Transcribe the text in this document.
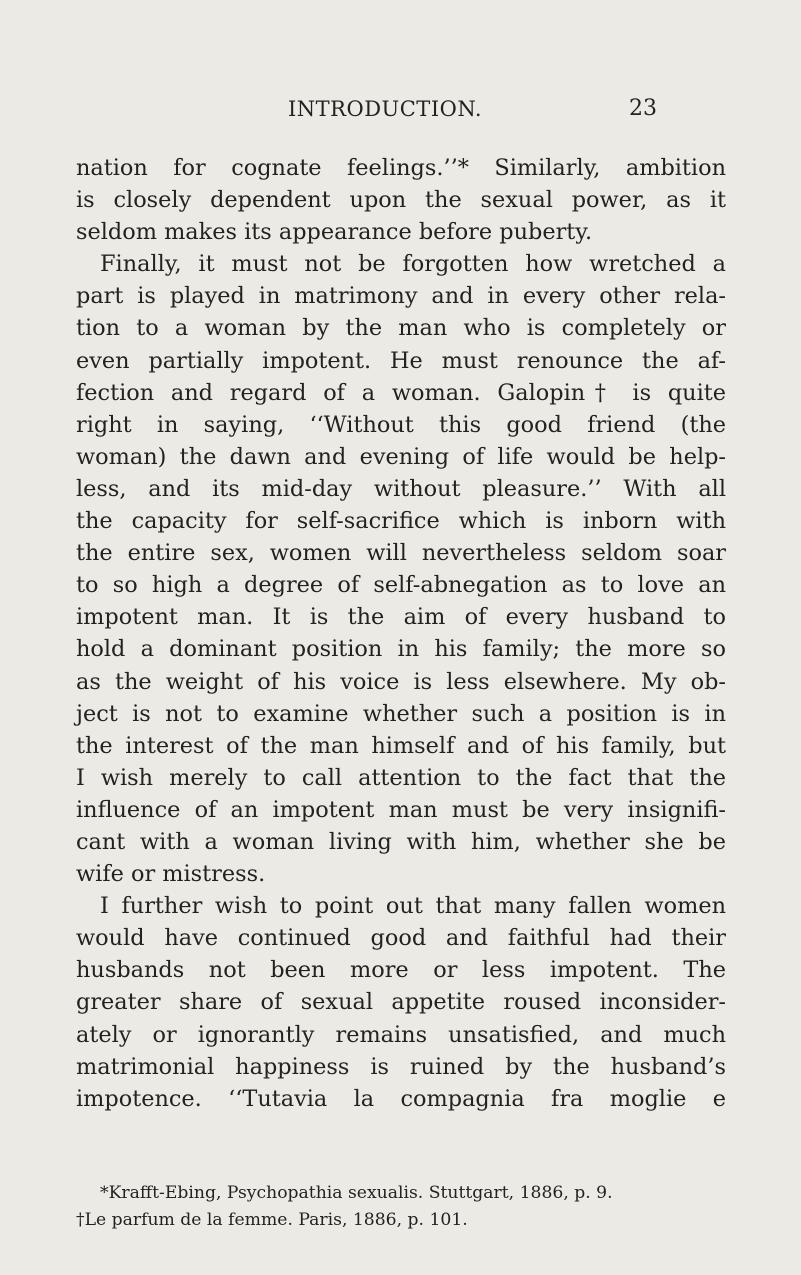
INTRODUCTION.	23
nation for cognate feelings.’’* Similarly, ambition
is closely dependent upon the sexual power, as it
seldom makes its appearance before puberty.
Finally, it must not be forgotten how wretched a
part is played in matrimony and in every other rela-
tion to a woman by the man who is completely or
even partially impotent. He must renounce the af-
fection and regard of a woman. Galopin† is quite
right in saying, ‘‘Without this good friend (the
woman) the dawn and evening of life would be help-
less, and its mid-day without pleasure.’’ With all
the capacity for self-sacrifice which is inborn with
the entire sex, women will nevertheless seldom soar
to so high a degree of self-abnegation as to love an
impotent man. It is the aim of every husband to
hold a dominant position in his family; the more so
as the weight of his voice is less elsewhere. My ob-
ject is not to examine whether such a position is in
the interest of the man himself and of his family, but
I wish merely to call attention to the fact that the
influence of an impotent man must be very insignifi-
cant with a woman living with him, whether she be
wife or mistress.
I further wish to point out that many fallen women
would have continued good and faithful had their
husbands not been more or less impotent. The
greater share of sexual appetite roused inconsider-
ately or ignorantly remains unsatisfied, and much
matrimonial happiness is ruined by the husband’s
impotence. ‘‘Tutavia la compagnia fra moglie e
*Krafft-Ebing, Psychopathia sexualis. Stuttgart, 1886, p. 9.
†Le parfum de la femme. Paris, 1886, p. 101.
